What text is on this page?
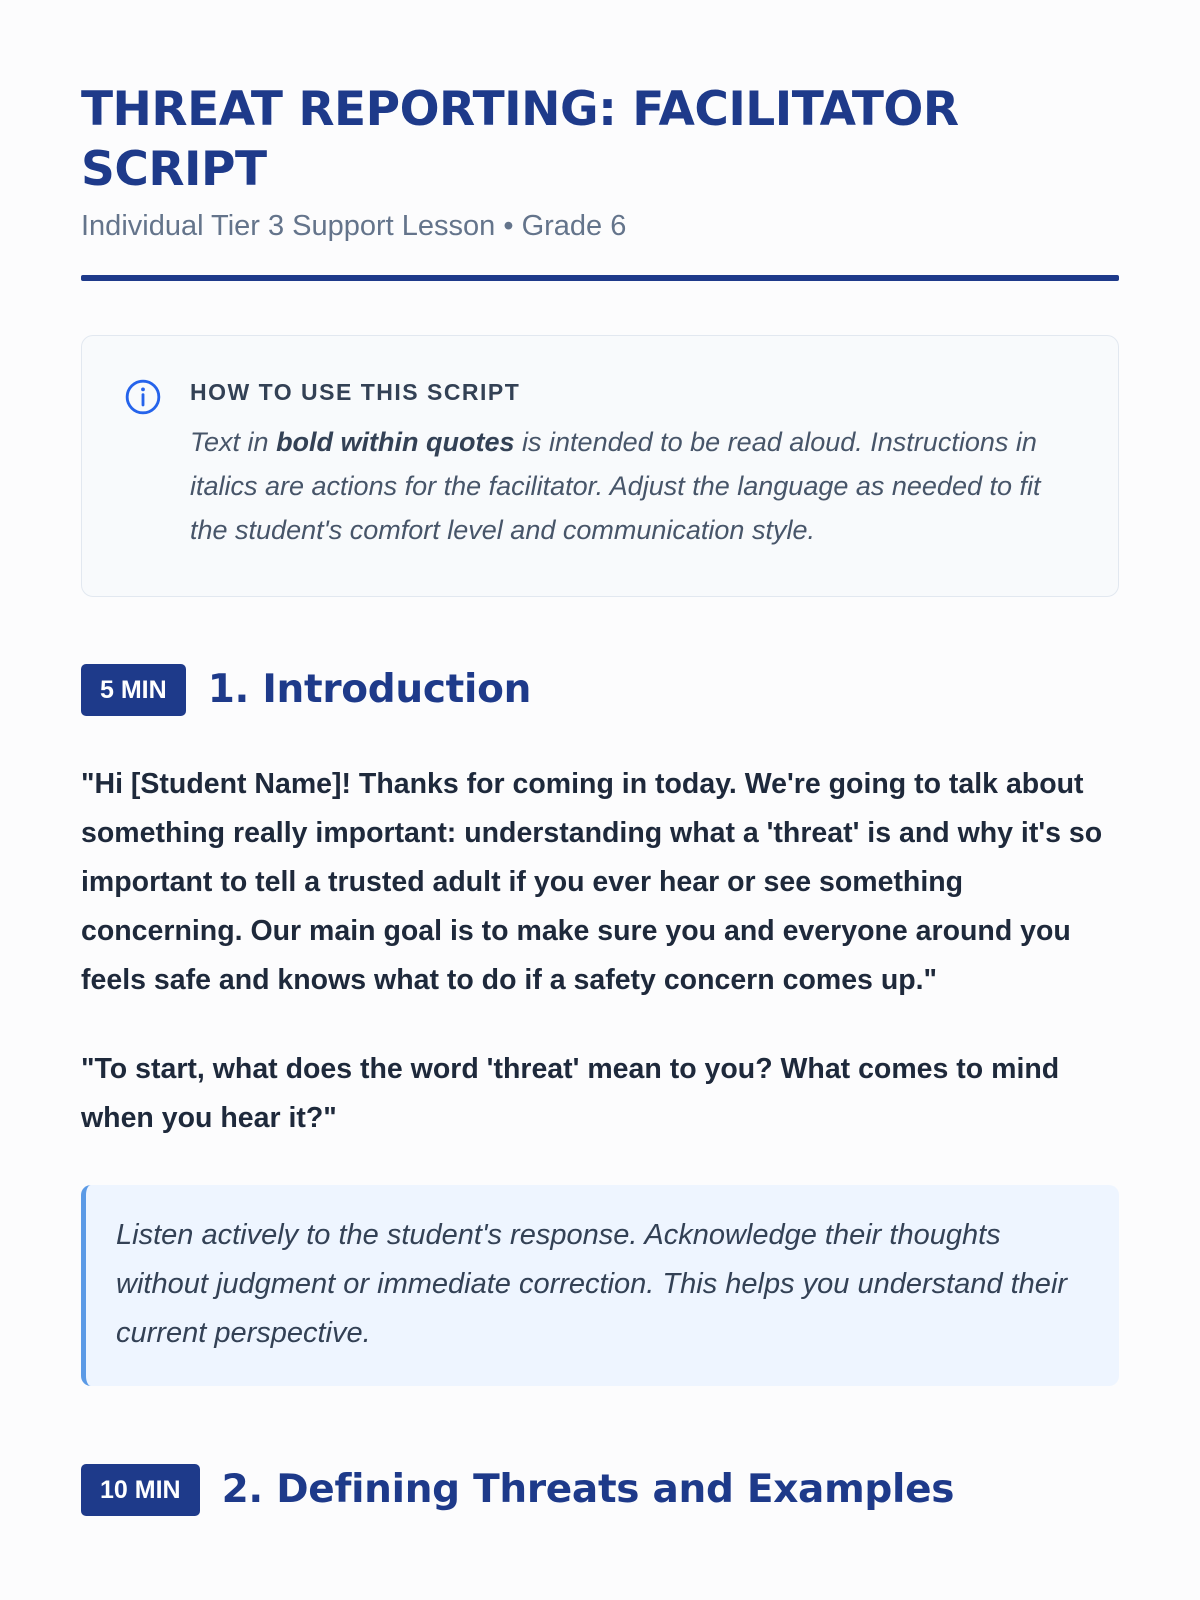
THREAT REPORTING: FACILITATOR SCRIPT
Individual Tier 3 Support Lesson • Grade 6
HOW TO USE THIS SCRIPT
Text in bold within quotes is intended to be read aloud. Instructions in italics are actions for the facilitator. Adjust the language as needed to fit the student's comfort level and communication style.
5 MIN	1. Introduction

"Hi [Student Name]! Thanks for coming in today. We're going to talk about something really important: understanding what a 'threat' is and why it's so important to tell a trusted adult if you ever hear or see something concerning. Our main goal is to make sure you and everyone around you feels safe and knows what to do if a safety concern comes up."

"To start, what does the word 'threat' mean to you? What comes to mind when you hear it?"

Listen actively to the student's response. Acknowledge their thoughts without judgment or immediate correction. This helps you understand their current perspective.
10 MIN	2. Defining Threats and Examples
